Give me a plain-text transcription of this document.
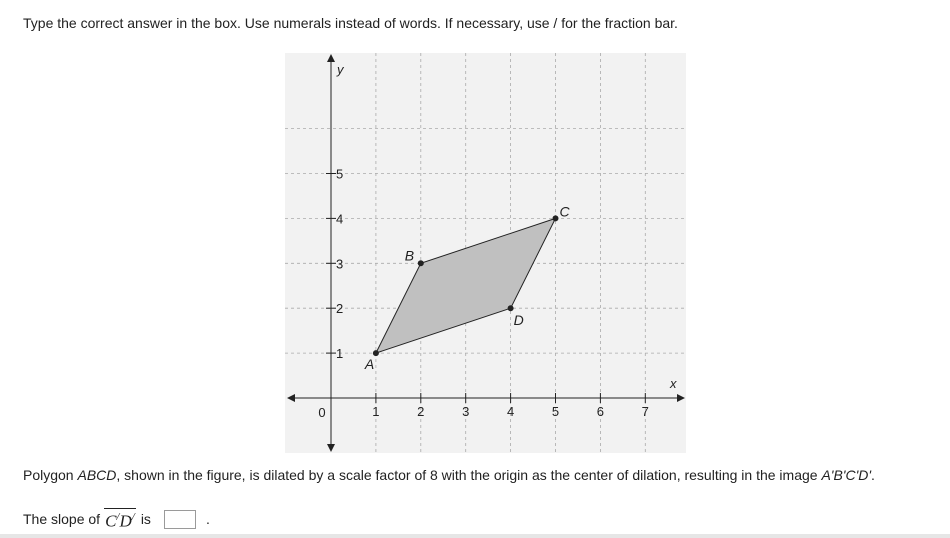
Type the correct answer in the box. Use numerals instead of words. If necessary, use / for the fraction bar.

1	2	3	4	5	6	7
1
2
3
4
5
0
x
y
A
B
C
D

Polygon ABCD, shown in the figure, is dilated by a scale factor of 8 with the origin as the center of dilation, resulting in the image A'B'C'D'.

The slope of C/D/ is	.
